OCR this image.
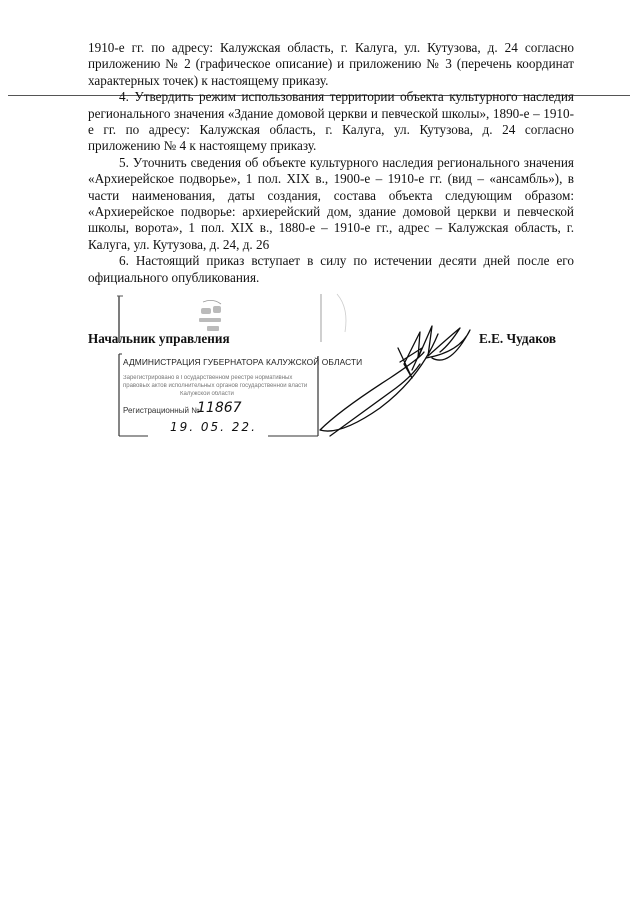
1910-е гг. по адресу: Калужская область, г. Калуга, ул. Кутузова, д. 24 согласно приложению № 2 (графическое описание) и приложению № 3 (перечень координат характерных точек) к настоящему приказу.

4. Утвердить режим использования территории объекта культурного наследия регионального значения «Здание домовой церкви и певческой школы», 1890-е – 1910-е гг. по адресу: Калужская область, г. Калуга, ул. Кутузова, д. 24 согласно приложению № 4 к настоящему приказу.

5. Уточнить сведения об объекте культурного наследия регионального значения «Архиерейское подворье», 1 пол. XIX в., 1900-е – 1910-е гг. (вид – «ансамбль»), в части наименования, даты создания, состава объекта следующим образом: «Архиерейское подворье: архиерейский дом, здание домовой церкви и певческой школы, ворота», 1 пол. XIX в., 1880-е – 1910-е гг., адрес – Калужская область, г. Калуга, ул. Кутузова, д. 24, д. 26

6. Настоящий приказ вступает в силу по истечении десяти дней после его официального опубликования.

Начальник управления	Е.Е. Чудаков
АДМИНИСТРАЦИЯ ГУБЕРНАТОРА КАЛУЖСКОЙ ОБЛАСТИ
Зарегистрировано в Государственном реестре нормативных
правовых актов исполнительных органов государственной власти
Калужской области
Регистрационный №
11867
19. 05. 22.
